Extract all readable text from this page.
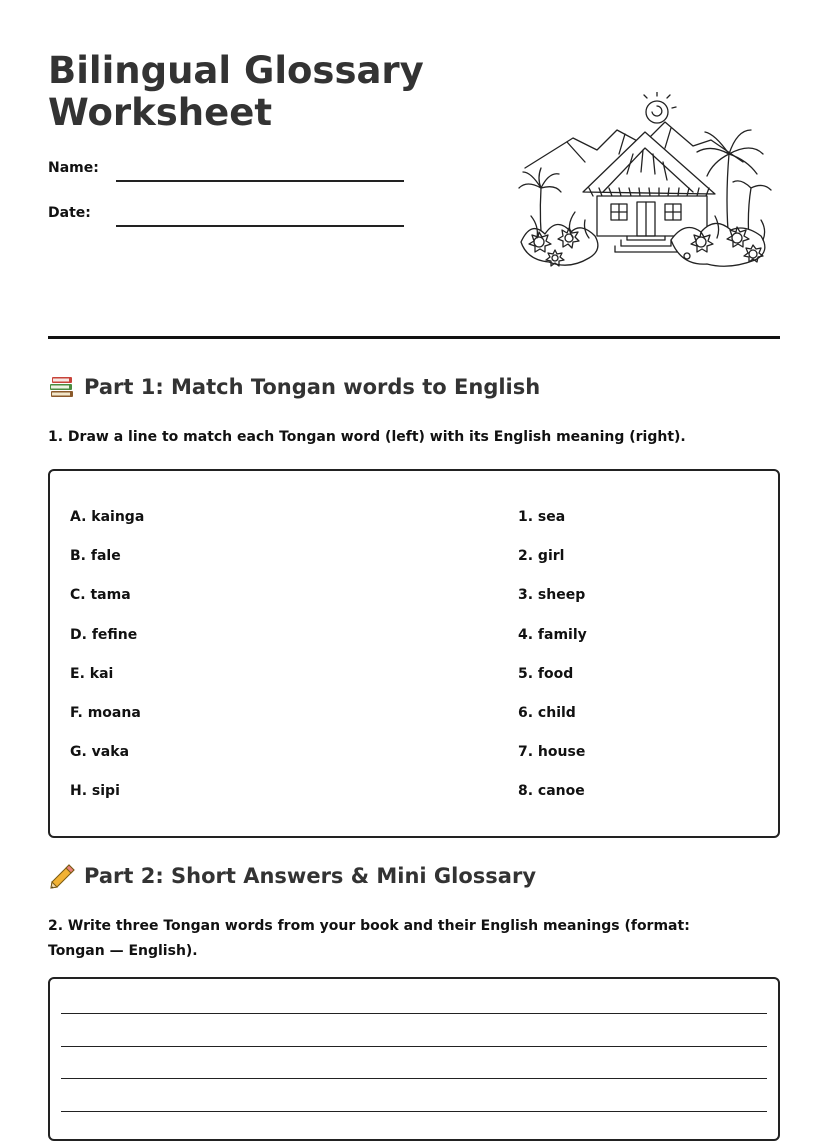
Bilingual Glossary Worksheet
Name:
Date:
Part 1: Match Tongan words to English

1. Draw a line to match each Tongan word (left) with its English meaning (right).

A. kainga
B. fale
C. tama
D. fefine
E. kai
F. moana
G. vaka
H. sipi
1. sea
2. girl
3. sheep
4. family
5. food
6. child
7. house
8. canoe
Part 2: Short Answers & Mini Glossary

2. Write three Tongan words from your book and their English meanings (format: Tongan — English).
